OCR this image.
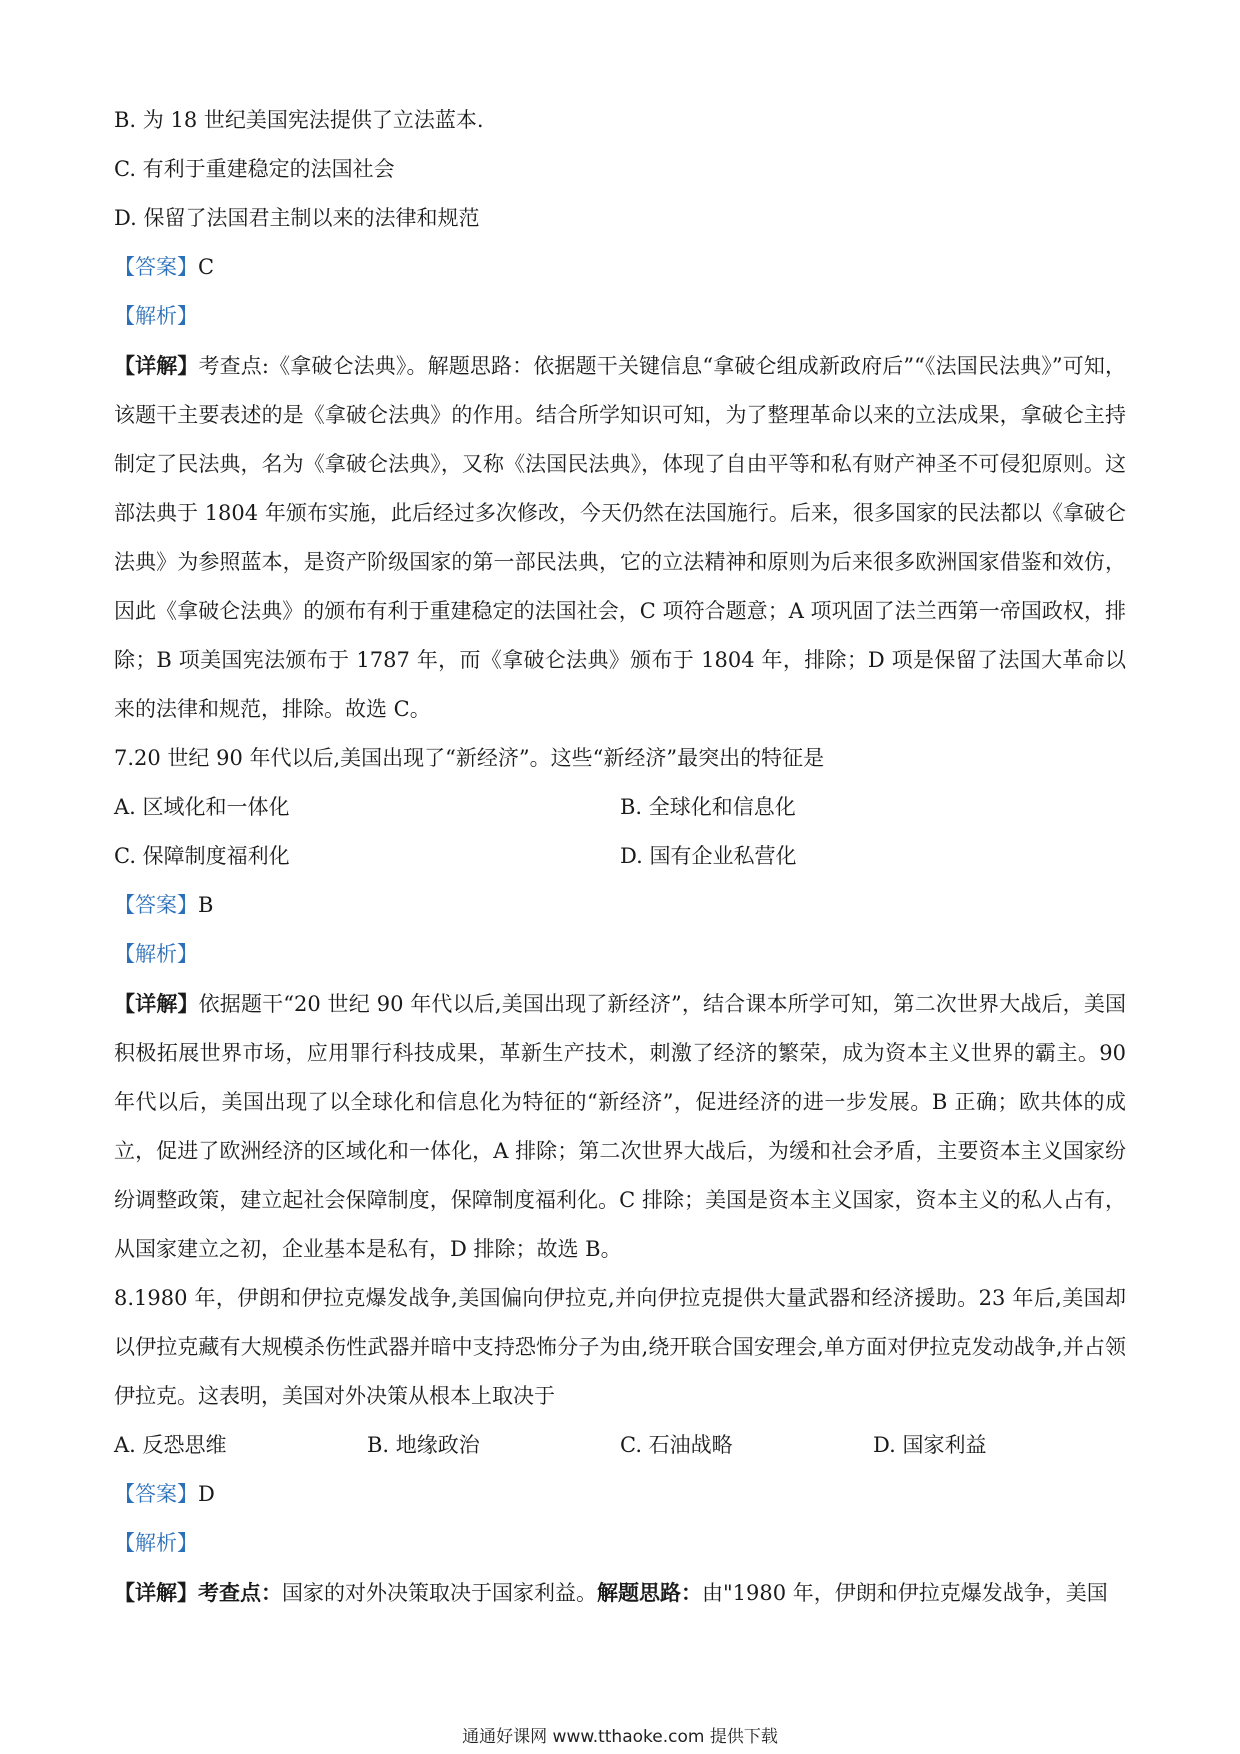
B. 为 18 世纪美国宪法提供了立法蓝本.
C. 有利于重建稳定的法国社会
D. 保留了法国君主制以来的法律和规范
【答案】C
【解析】
【详解】考查点:《拿破仑法典》。解题思路：依据题干关键信息“拿破仑组成新政府后”“《法国民法典》”可知，该题干主要表述的是《拿破仑法典》的作用。结合所学知识可知，为了整理革命以来的立法成果，拿破仑主持制定了民法典，名为《拿破仑法典》，又称《法国民法典》，体现了自由平等和私有财产神圣不可侵犯原则。这部法典于 1804 年颁布实施，此后经过多次修改，今天仍然在法国施行。后来，很多国家的民法都以《拿破仑法典》为参照蓝本，是资产阶级国家的第一部民法典，它的立法精神和原则为后来很多欧洲国家借鉴和效仿，因此《拿破仑法典》的颁布有利于重建稳定的法国社会，C 项符合题意；A 项巩固了法兰西第一帝国政权，排除；B 项美国宪法颁布于 1787 年，而《拿破仑法典》颁布于 1804 年，排除；D 项是保留了法国大革命以来的法律和规范，排除。故选 C。
7.20 世纪 90 年代以后,美国出现了“新经济”。这些“新经济”最突出的特征是
A. 区域化和一体化	B. 全球化和信息化
C. 保障制度福利化	D. 国有企业私营化
【答案】B
【解析】
【详解】依据题干“20 世纪 90 年代以后,美国出现了新经济”，结合课本所学可知，第二次世界大战后，美国积极拓展世界市场，应用罪行科技成果，革新生产技术，刺激了经济的繁荣，成为资本主义世界的霸主。90 年代以后，美国出现了以全球化和信息化为特征的“新经济”，促进经济的进一步发展。B 正确；欧共体的成立，促进了欧洲经济的区域化和一体化，A 排除；第二次世界大战后，为缓和社会矛盾，主要资本主义国家纷纷调整政策，建立起社会保障制度，保障制度福利化。C 排除；美国是资本主义国家，资本主义的私人占有，从国家建立之初，企业基本是私有，D 排除；故选 B。
8.1980 年，伊朗和伊拉克爆发战争,美国偏向伊拉克,并向伊拉克提供大量武器和经济援助。23 年后,美国却以伊拉克藏有大规模杀伤性武器并暗中支持恐怖分子为由,绕开联合国安理会,单方面对伊拉克发动战争,并占领伊拉克。这表明，美国对外决策从根本上取决于
A. 反恐思维	B. 地缘政治	C. 石油战略	D. 国家利益
【答案】D
【解析】
【详解】考查点：国家的对外决策取决于国家利益。解题思路：由"1980 年，伊朗和伊拉克爆发战争，美国
通通好课网 www.tthaoke.com 提供下载
